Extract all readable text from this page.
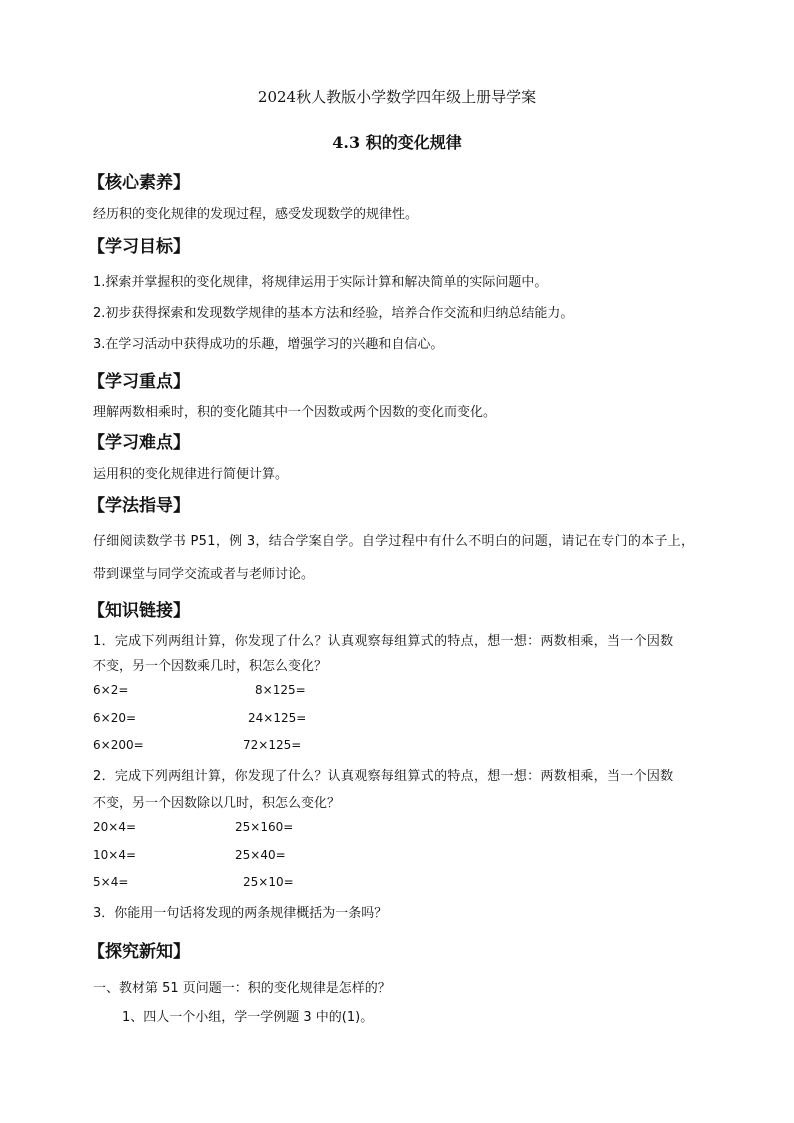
2024秋人教版小学数学四年级上册导学案
4.3 积的变化规律
【核心素养】
经历积的变化规律的发现过程，感受发现数学的规律性。
【学习目标】
1.探索并掌握积的变化规律，将规律运用于实际计算和解决简单的实际问题中。
2.初步获得探索和发现数学规律的基本方法和经验，培养合作交流和归纳总结能力。
3.在学习活动中获得成功的乐趣，增强学习的兴趣和自信心。
【学习重点】
理解两数相乘时，积的变化随其中一个因数或两个因数的变化而变化。
【学习难点】
运用积的变化规律进行简便计算。
【学法指导】
仔细阅读数学书 P51，例 3，结合学案自学。自学过程中有什么不明白的问题，请记在专门的本子上，
带到课堂与同学交流或者与老师讨论。
【知识链接】
1．完成下列两组计算，你发现了什么？认真观察每组算式的特点，想一想：两数相乘，当一个因数
不变，另一个因数乘几时，积怎么变化？
6×2=	8×125=
6×20=	24×125=
6×200=	72×125=
2．完成下列两组计算，你发现了什么？认真观察每组算式的特点，想一想：两数相乘，当一个因数
不变，另一个因数除以几时，积怎么变化？
20×4=	25×160=
10×4=	25×40=
5×4=	25×10=
3．你能用一句话将发现的两条规律概括为一条吗？
【探究新知】
一、教材第 51 页问题一：积的变化规律是怎样的？
1、四人一个小组，学一学例题 3 中的(1)。
